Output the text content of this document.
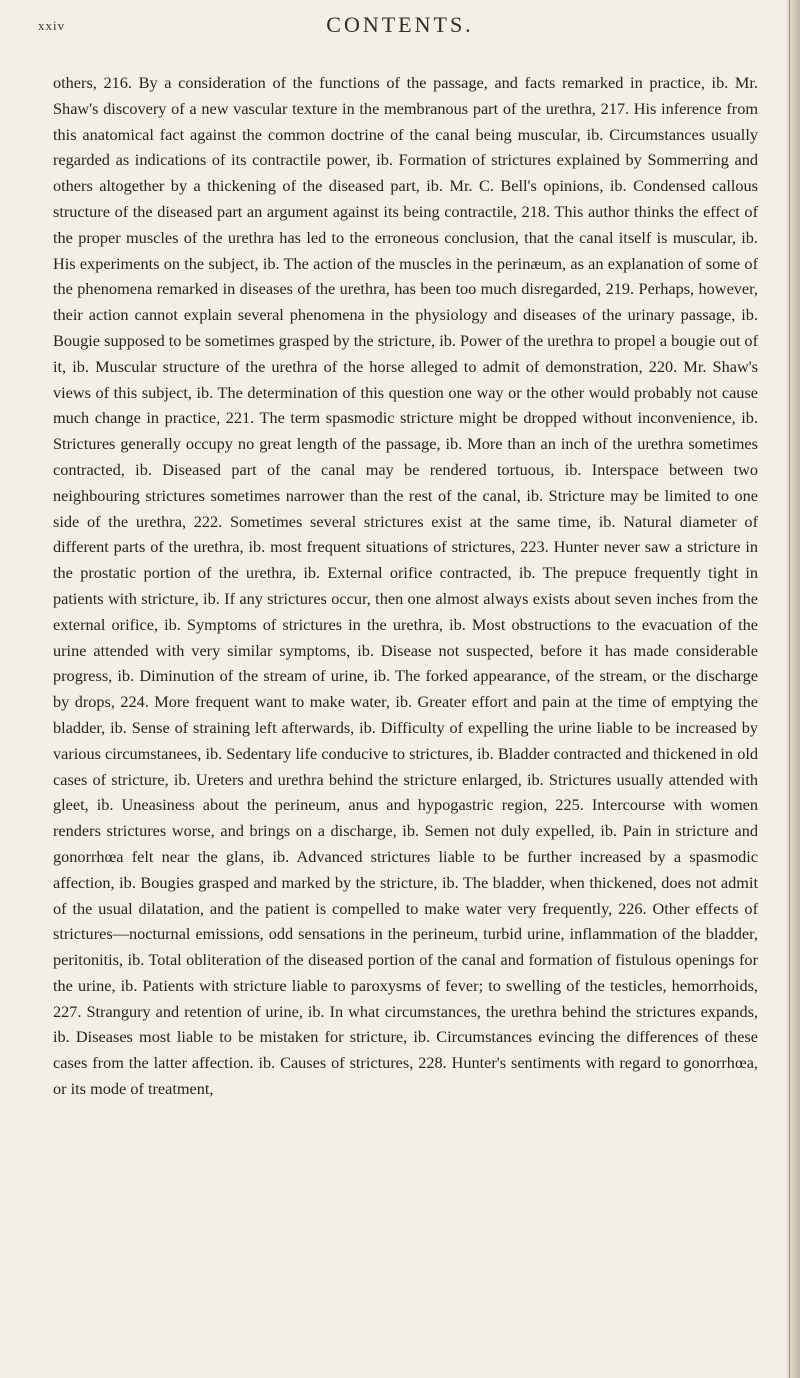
xxiv	CONTENTS.

others, 216. By a consideration of the functions of the passage, and facts remarked in practice, ib. Mr. Shaw's discovery of a new vascular texture in the membranous part of the urethra, 217. His inference from this anatomical fact against the common doctrine of the canal being muscular, ib. Circumstances usually regarded as indications of its contractile power, ib. Formation of strictures explained by Sommerring and others altogether by a thickening of the diseased part, ib. Mr. C. Bell's opinions, ib. Condensed callous structure of the diseased part an argument against its being contractile, 218. This author thinks the effect of the proper muscles of the urethra has led to the erroneous conclusion, that the canal itself is muscular, ib. His experiments on the subject, ib. The action of the muscles in the perinæum, as an explanation of some of the phenomena remarked in diseases of the urethra, has been too much disregarded, 219. Perhaps, however, their action cannot explain several phenomena in the physiology and diseases of the urinary passage, ib. Bougie supposed to be sometimes grasped by the stricture, ib. Power of the urethra to propel a bougie out of it, ib. Muscular structure of the urethra of the horse alleged to admit of demonstration, 220. Mr. Shaw's views of this subject, ib. The determination of this question one way or the other would probably not cause much change in practice, 221. The term spasmodic stricture might be dropped without inconvenience, ib. Strictures generally occupy no great length of the passage, ib. More than an inch of the urethra sometimes contracted, ib. Diseased part of the canal may be rendered tortuous, ib. Interspace between two neighbouring strictures sometimes narrower than the rest of the canal, ib. Stricture may be limited to one side of the urethra, 222. Sometimes several strictures exist at the same time, ib. Natural diameter of different parts of the urethra, ib. most frequent situations of strictures, 223. Hunter never saw a stricture in the prostatic portion of the urethra, ib. External orifice contracted, ib. The prepuce frequently tight in patients with stricture, ib. If any strictures occur, then one almost always exists about seven inches from the external orifice, ib. Symptoms of strictures in the urethra, ib. Most obstructions to the evacuation of the urine attended with very similar symptoms, ib. Disease not suspected, before it has made considerable progress, ib. Diminution of the stream of urine, ib. The forked appearance, of the stream, or the discharge by drops, 224. More frequent want to make water, ib. Greater effort and pain at the time of emptying the bladder, ib. Sense of straining left afterwards, ib. Difficulty of expelling the urine liable to be increased by various circumstanees, ib. Sedentary life conducive to strictures, ib. Bladder contracted and thickened in old cases of stricture, ib. Ureters and urethra behind the stricture enlarged, ib. Strictures usually attended with gleet, ib. Uneasiness about the perineum, anus and hypogastric region, 225. Intercourse with women renders strictures worse, and brings on a discharge, ib. Semen not duly expelled, ib. Pain in stricture and gonorrhœa felt near the glans, ib. Advanced strictures liable to be further increased by a spasmodic affection, ib. Bougies grasped and marked by the stricture, ib. The bladder, when thickened, does not admit of the usual dilatation, and the patient is compelled to make water very frequently, 226. Other effects of strictures—nocturnal emissions, odd sensations in the perineum, turbid urine, inflammation of the bladder, peritonitis, ib. Total obliteration of the diseased portion of the canal and formation of fistulous openings for the urine, ib. Patients with stricture liable to paroxysms of fever; to swelling of the testicles, hemorrhoids, 227. Strangury and retention of urine, ib. In what circumstances, the urethra behind the strictures expands, ib. Diseases most liable to be mistaken for stricture, ib. Circumstances evincing the differences of these cases from the latter affection. ib. Causes of strictures, 228. Hunter's sentiments with regard to gonorrhœa, or its mode of treatment,
